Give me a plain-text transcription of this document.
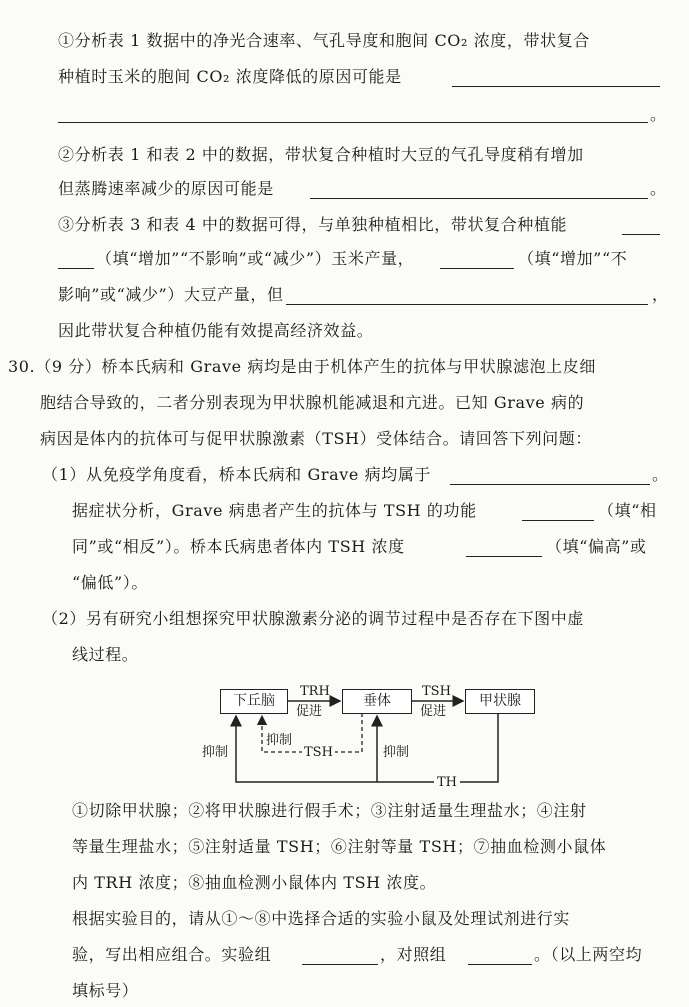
①分析表 1 数据中的净光合速率、气孔导度和胞间 CO₂ 浓度，带状复合
种植时玉米的胞间 CO₂ 浓度降低的原因可能是
。
②分析表 1 和表 2 中的数据，带状复合种植时大豆的气孔导度稍有增加
但蒸腾速率减少的原因可能是	。
③分析表 3 和表 4 中的数据可得，与单独种植相比，带状复合种植能
（填“增加”“不影响”或“减少”）玉米产量，	（填“增加”“不
影响”或“减少”）大豆产量，但	，
因此带状复合种植仍能有效提高经济效益。
30.（9 分）桥本氏病和 Grave 病均是由于机体产生的抗体与甲状腺滤泡上皮细
胞结合导致的，二者分别表现为甲状腺机能减退和亢进。已知 Grave 病的
病因是体内的抗体可与促甲状腺激素（TSH）受体结合。请回答下列问题：
（1）从免疫学角度看，桥本氏病和 Grave 病均属于	。
据症状分析，Grave 病患者产生的抗体与 TSH 的功能	（填“相
同”或“相反”）。桥本氏病患者体内 TSH 浓度	（填“偏高”或
“偏低”）。
（2）另有研究小组想探究甲状腺激素分泌的调节过程中是否存在下图中虚
线过程。
下丘脑	垂体	甲状腺
TRH
促进
TSH
促进
抑制
抑制
TSH	抑制
TH
①切除甲状腺；②将甲状腺进行假手术；③注射适量生理盐水；④注射
等量生理盐水；⑤注射适量 TSH；⑥注射等量 TSH；⑦抽血检测小鼠体
内 TRH 浓度；⑧抽血检测小鼠体内 TSH 浓度。
根据实验目的，请从①～⑧中选择合适的实验小鼠及处理试剂进行实
验，写出相应组合。实验组	，对照组	。（以上两空均
填标号）
